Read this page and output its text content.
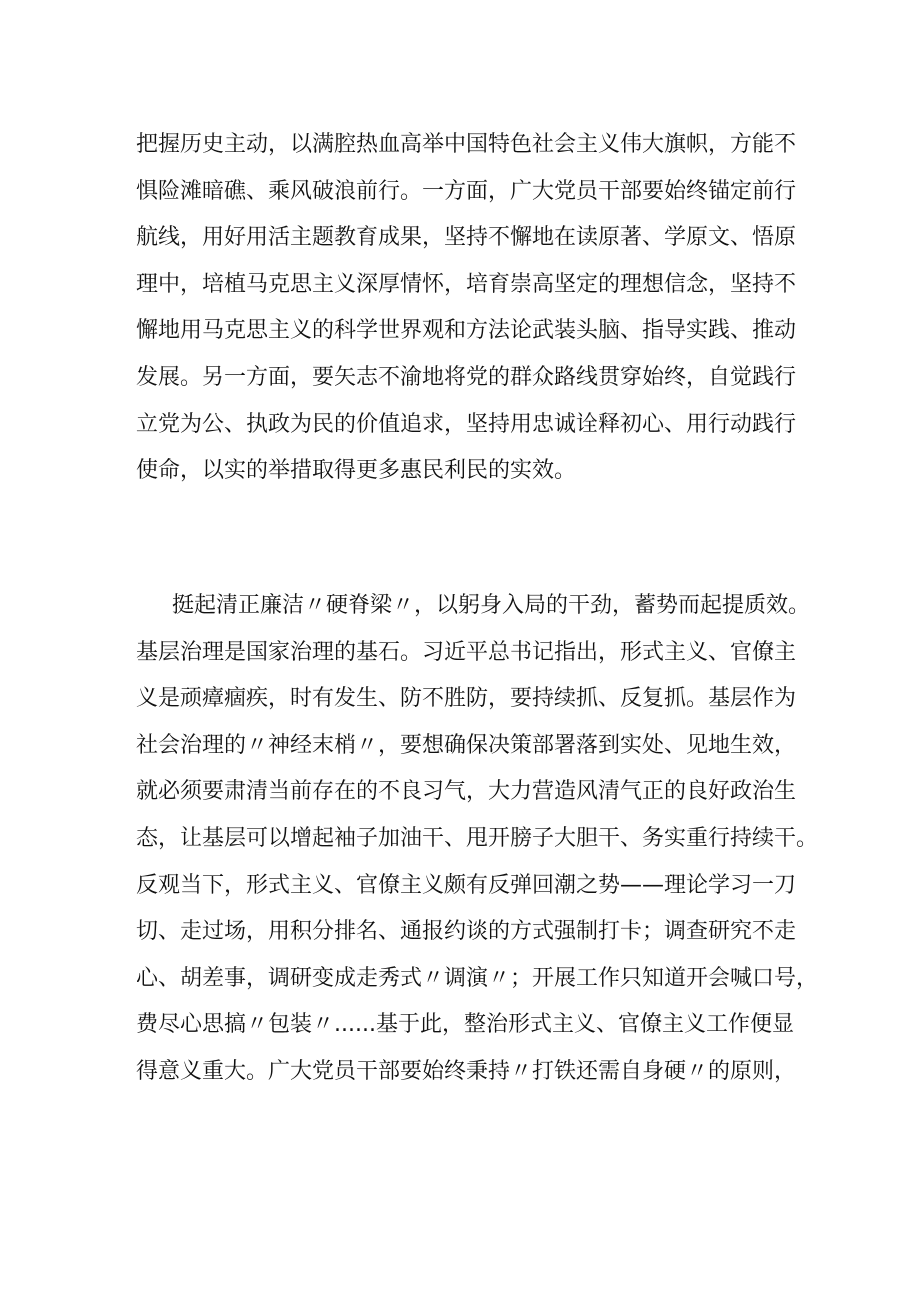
把握历史主动，以满腔热血高举中国特色社会主义伟大旗帜，方能不
惧险滩暗礁、乘风破浪前行。一方面，广大党员干部要始终锚定前行
航线，用好用活主题教育成果，坚持不懈地在读原著、学原文、悟原
理中，培植马克思主义深厚情怀，培育崇高坚定的理想信念，坚持不
懈地用马克思主义的科学世界观和方法论武装头脑、指导实践、推动
发展。另一方面，要矢志不渝地将党的群众路线贯穿始终，自觉践行
立党为公、执政为民的价值追求，坚持用忠诚诠释初心、用行动践行
使命，以实的举措取得更多惠民利民的实效。
挺起清正廉洁〃硬脊梁〃，以躬身入局的干劲，蓄势而起提质效。
基层治理是国家治理的基石。习近平总书记指出，形式主义、官僚主
义是顽瘴痼疾，时有发生、防不胜防，要持续抓、反复抓。基层作为
社会治理的〃神经末梢〃，要想确保决策部署落到实处、见地生效，
就必须要肃清当前存在的不良习气，大力营造风清气正的良好政治生
态，让基层可以增起袖子加油干、甩开膀子大胆干、务实重行持续干。
反观当下，形式主义、官僚主义颇有反弹回潮之势——理论学习一刀
切、走过场，用积分排名、通报约谈的方式强制打卡；调查研究不走
心、胡差事，调研变成走秀式〃调演〃；开展工作只知道开会喊口号，
费尽心思搞〃包装〃......基于此，整治形式主义、官僚主义工作便显
得意义重大。广大党员干部要始终秉持〃打铁还需自身硬〃的原则，
